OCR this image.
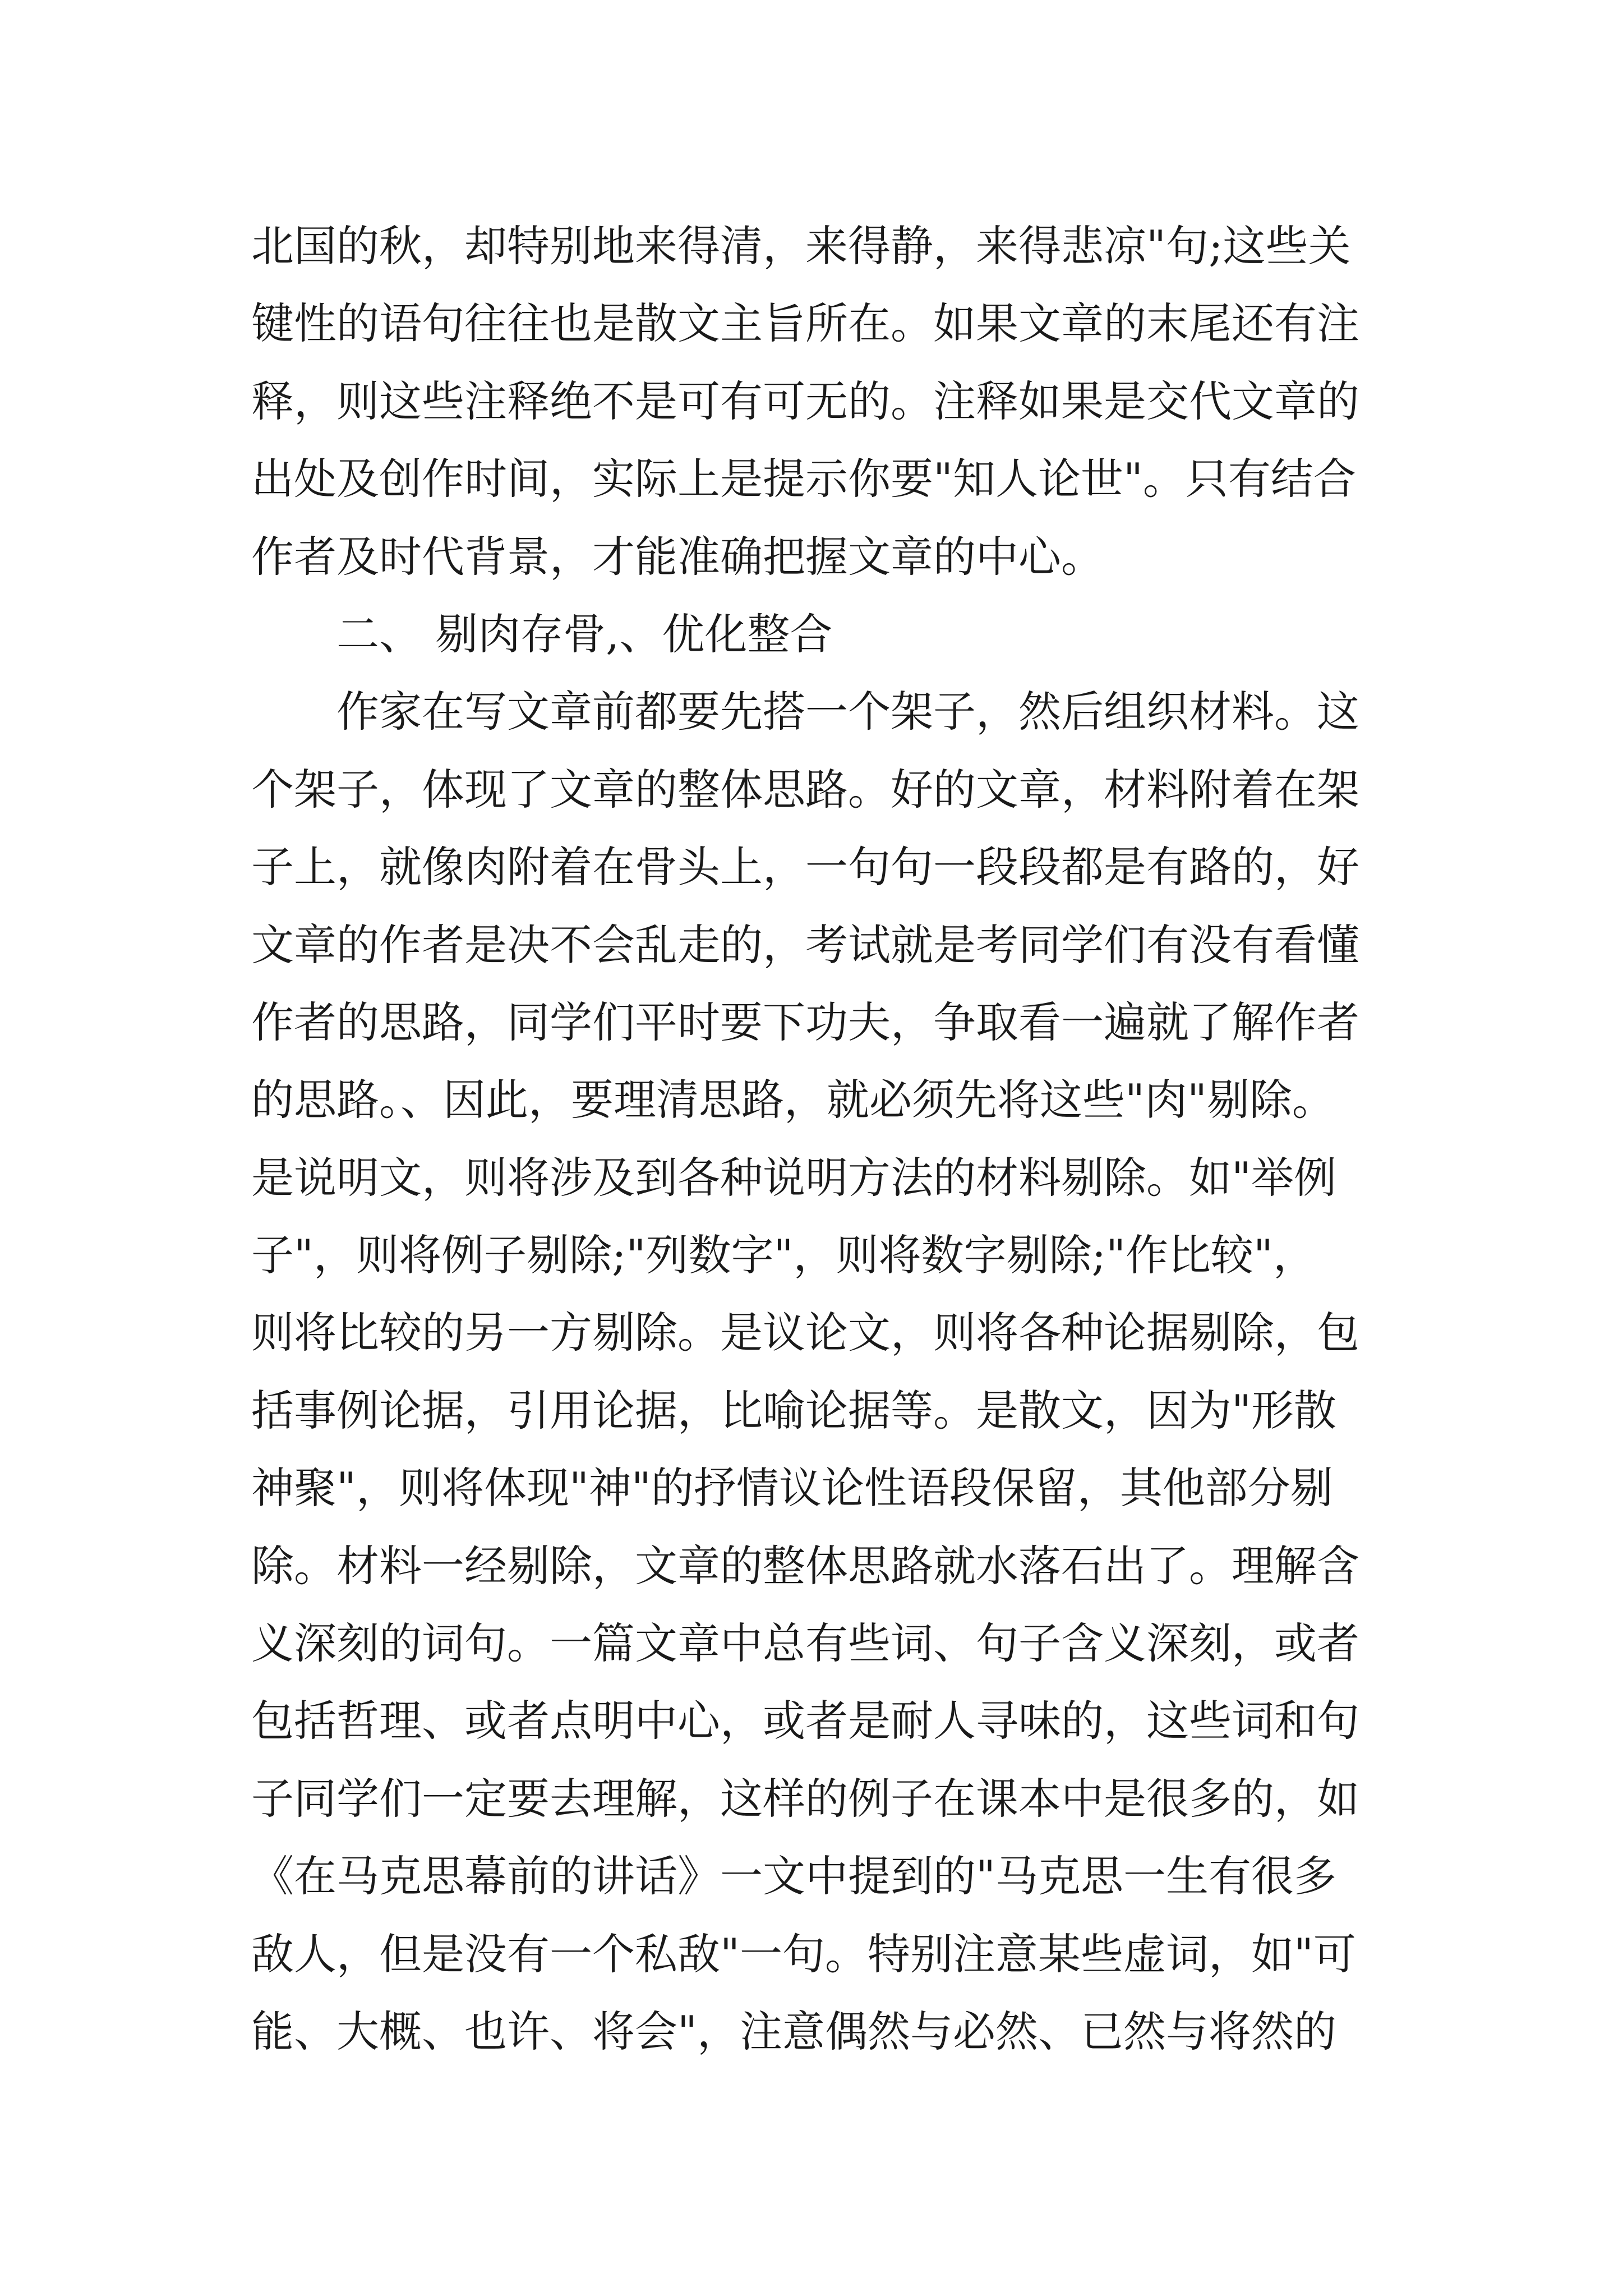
北国的秋，却特别地来得清，来得静，来得悲凉"句;这些关
键性的语句往往也是散文主旨所在。如果文章的末尾还有注
释，则这些注释绝不是可有可无的。注释如果是交代文章的
出处及创作时间，实际上是提示你要"知人论世"。只有结合
作者及时代背景，才能准确把握文章的中心。
二、 剔肉存骨,、优化整合
作家在写文章前都要先搭一个架子，然后组织材料。这
个架子，体现了文章的整体思路。好的文章，材料附着在架
子上，就像肉附着在骨头上，一句句一段段都是有路的，好
文章的作者是决不会乱走的，考试就是考同学们有没有看懂
作者的思路，同学们平时要下功夫，争取看一遍就了解作者
的思路。、因此，要理清思路，就必须先将这些"肉"剔除。
是说明文，则将涉及到各种说明方法的材料剔除。如"举例
子"，则将例子剔除;"列数字"，则将数字剔除;"作比较"，
则将比较的另一方剔除。是议论文，则将各种论据剔除，包
括事例论据，引用论据，比喻论据等。是散文，因为"形散
神聚"，则将体现"神"的抒情议论性语段保留，其他部分剔
除。材料一经剔除，文章的整体思路就水落石出了。理解含
义深刻的词句。一篇文章中总有些词、句子含义深刻，或者
包括哲理、或者点明中心，或者是耐人寻味的，这些词和句
子同学们一定要去理解，这样的例子在课本中是很多的，如
《在马克思幕前的讲话》一文中提到的"马克思一生有很多
敌人，但是没有一个私敌"一句。特别注意某些虚词，如"可
能、大概、也许、将会"，注意偶然与必然、已然与将然的
